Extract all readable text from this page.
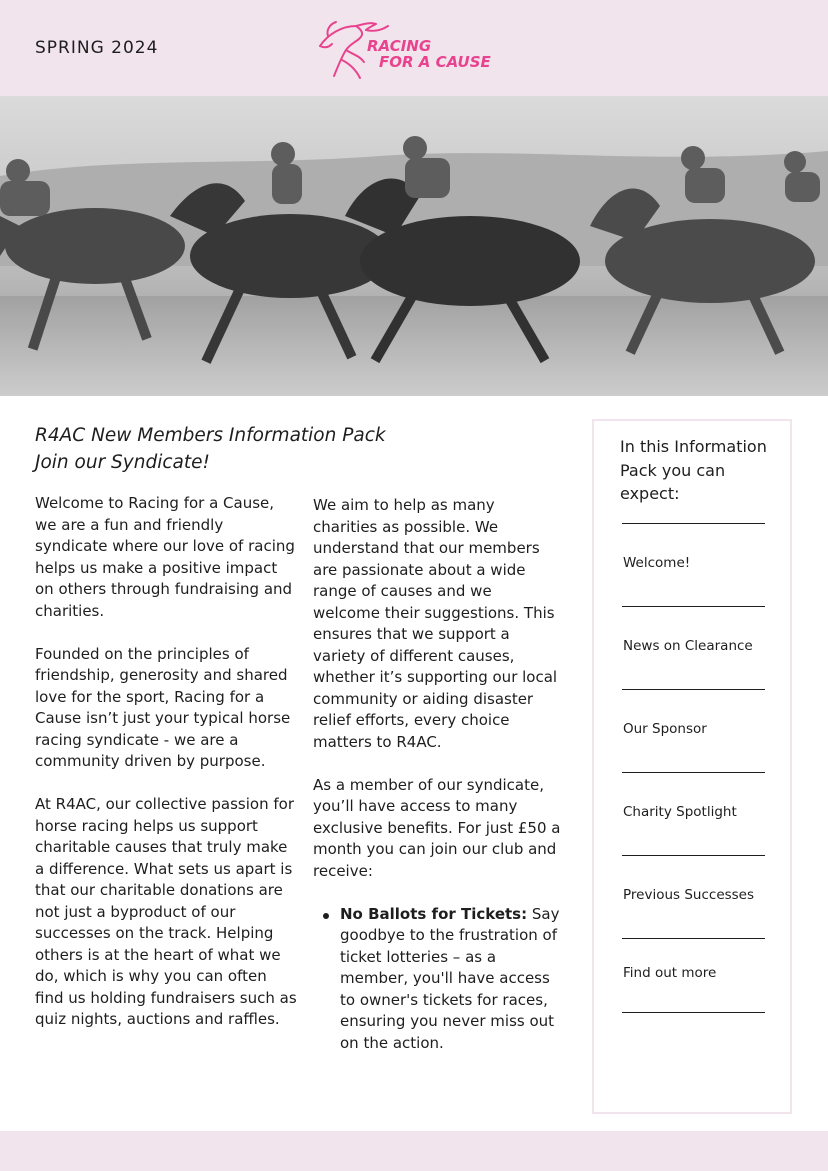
SPRING 2024	RACING
FOR A CAUSE
R4AC New Members Information Pack
Join our Syndicate!

Welcome to Racing for a Cause, we are a fun and friendly syndicate where our love of racing helps us make a positive impact on others through fundraising and charities.

Founded on the principles of friendship, generosity and shared love for the sport, Racing for a Cause isn’t just your typical horse racing syndicate - we are a community driven by purpose.

At R4AC, our collective passion for horse racing helps us support charitable causes that truly make a difference. What sets us apart is that our charitable donations are not just a byproduct of our successes on the track. Helping others is at the heart of what we do, which is why you can often find us holding fundraisers such as quiz nights, auctions and raffles.

We aim to help as many charities as possible. We understand that our members are passionate about a wide range of causes and we welcome their suggestions. This ensures that we support a variety of different causes, whether it’s supporting our local community or aiding disaster relief efforts, every choice matters to R4AC.

As a member of our syndicate, you’ll have access to many exclusive benefits. For just £50 a month you can join our club and receive:

No Ballots for Tickets: Say goodbye to the frustration of ticket lotteries – as a member, you'll have access to owner's tickets for races, ensuring you never miss out on the action.
In this Information Pack you can expect:
Welcome!
News on Clearance
Our Sponsor
Charity Spotlight
Previous Successes
Find out more
